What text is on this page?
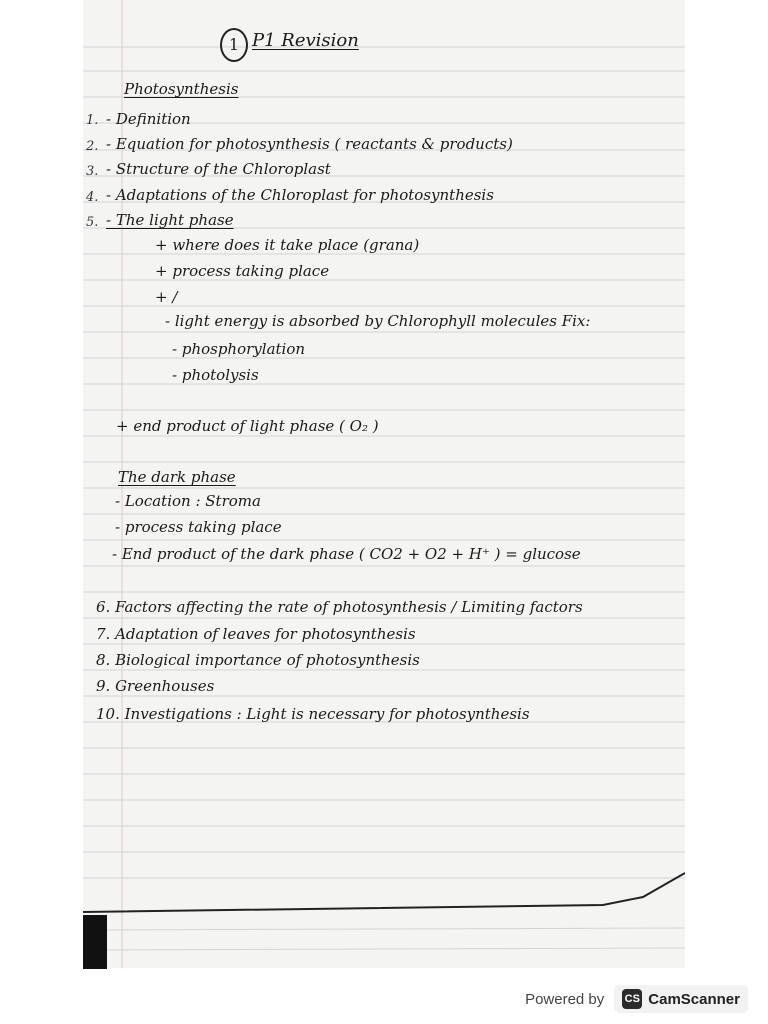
1 P1 Revision
Photosynthesis
1. - Definition
2. - Equation for photosynthesis ( reactants & products)
3. - Structure of the Chloroplast
4. - Adaptations of the Chloroplast for photosynthesis
5. - The light phase
+ where does it take place (grana)
+ process taking place
+ /
- light energy is absorbed by Chlorophyll molecules Fix:
- phosphorylation
- photolysis
+ end product of light phase ( O₂ )
The dark phase
- Location : Stroma
- process taking place
- End product of the dark phase ( CO2 + O2 + H⁺ ) = glucose
6. Factors affecting the rate of photosynthesis / Limiting factors
7. Adaptation of leaves for photosynthesis
8. Biological importance of photosynthesis
9. Greenhouses
10. Investigations : Light is necessary for photosynthesis
Powered by CS CamScanner
